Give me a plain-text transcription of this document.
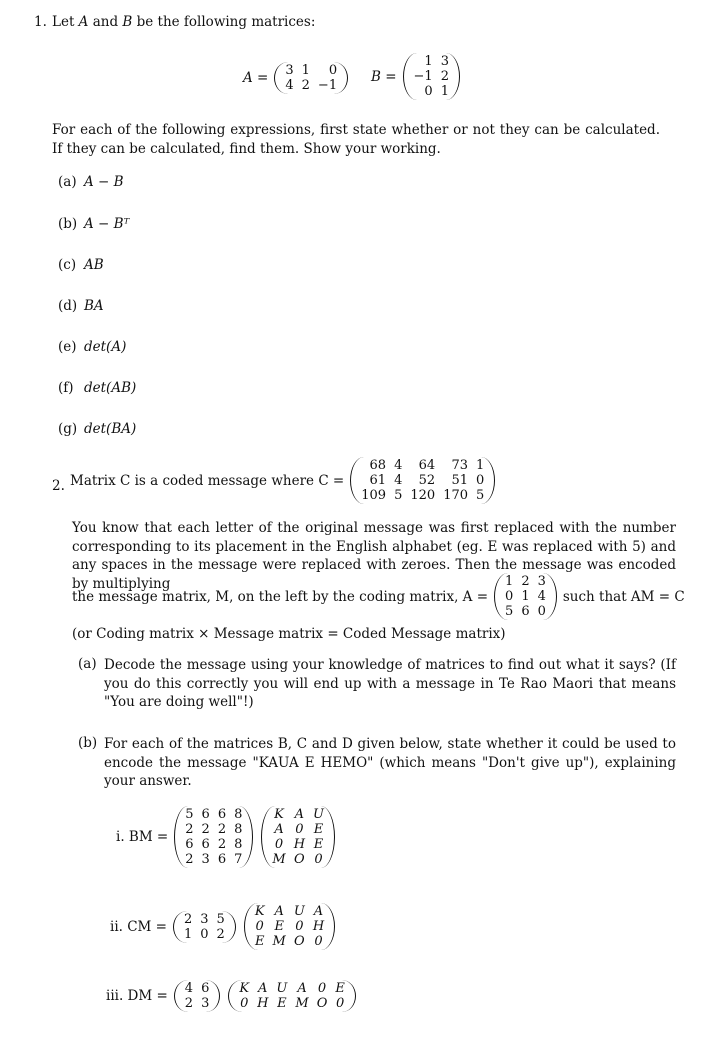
1. Let A and B be the following matrices:
A = 3	1	0
4	2	−1
B =
1	3
−1	2
0	1
For each of the following expressions, first state whether or not they can be calculated. If they can be calculated, find them. Show your working.
(a) A − B
(b) A − Bᵀ
(c) AB
(d) BA
(e) det(A)
(f) det(AB)
(g) det(BA)
2. Matrix C is a coded message where C =
68	4	64	73	1
61	4	52	51	0
109	5	120	170	5
You know that each letter of the original message was first replaced with the number corresponding to its placement in the English alphabet (eg. E was replaced with 5) and any spaces in the message were replaced with zeroes. Then the message was encoded by multiplying
the message matrix, M, on the left by the coding matrix, A =
1	2	3
0	1	4
5	6	0
such that AM = C
(or Coding matrix × Message matrix = Coded Message matrix)
(a) Decode the message using your knowledge of matrices to find out what it says? (If you do this correctly you will end up with a message in Te Rao Maori that means "You are doing well"!)
(b) For each of the matrices B, C and D given below, state whether it could be used to encode the message "KAUA E HEMO" (which means "Don't give up"), explaining your answer.
i. BM =
5	6	6	8
2	2	2	8
6	6	2	8
2	3	6	7
K	A	U
A	0	E
0	H	E
M	O	0
ii. CM = 2	3	5
1	0	2
K	A	U	A
0	E	0	H
E	M	O	0
iii. DM = 4	6
2	3
K	A	U	A	0	E
0	H	E	M	O	0
